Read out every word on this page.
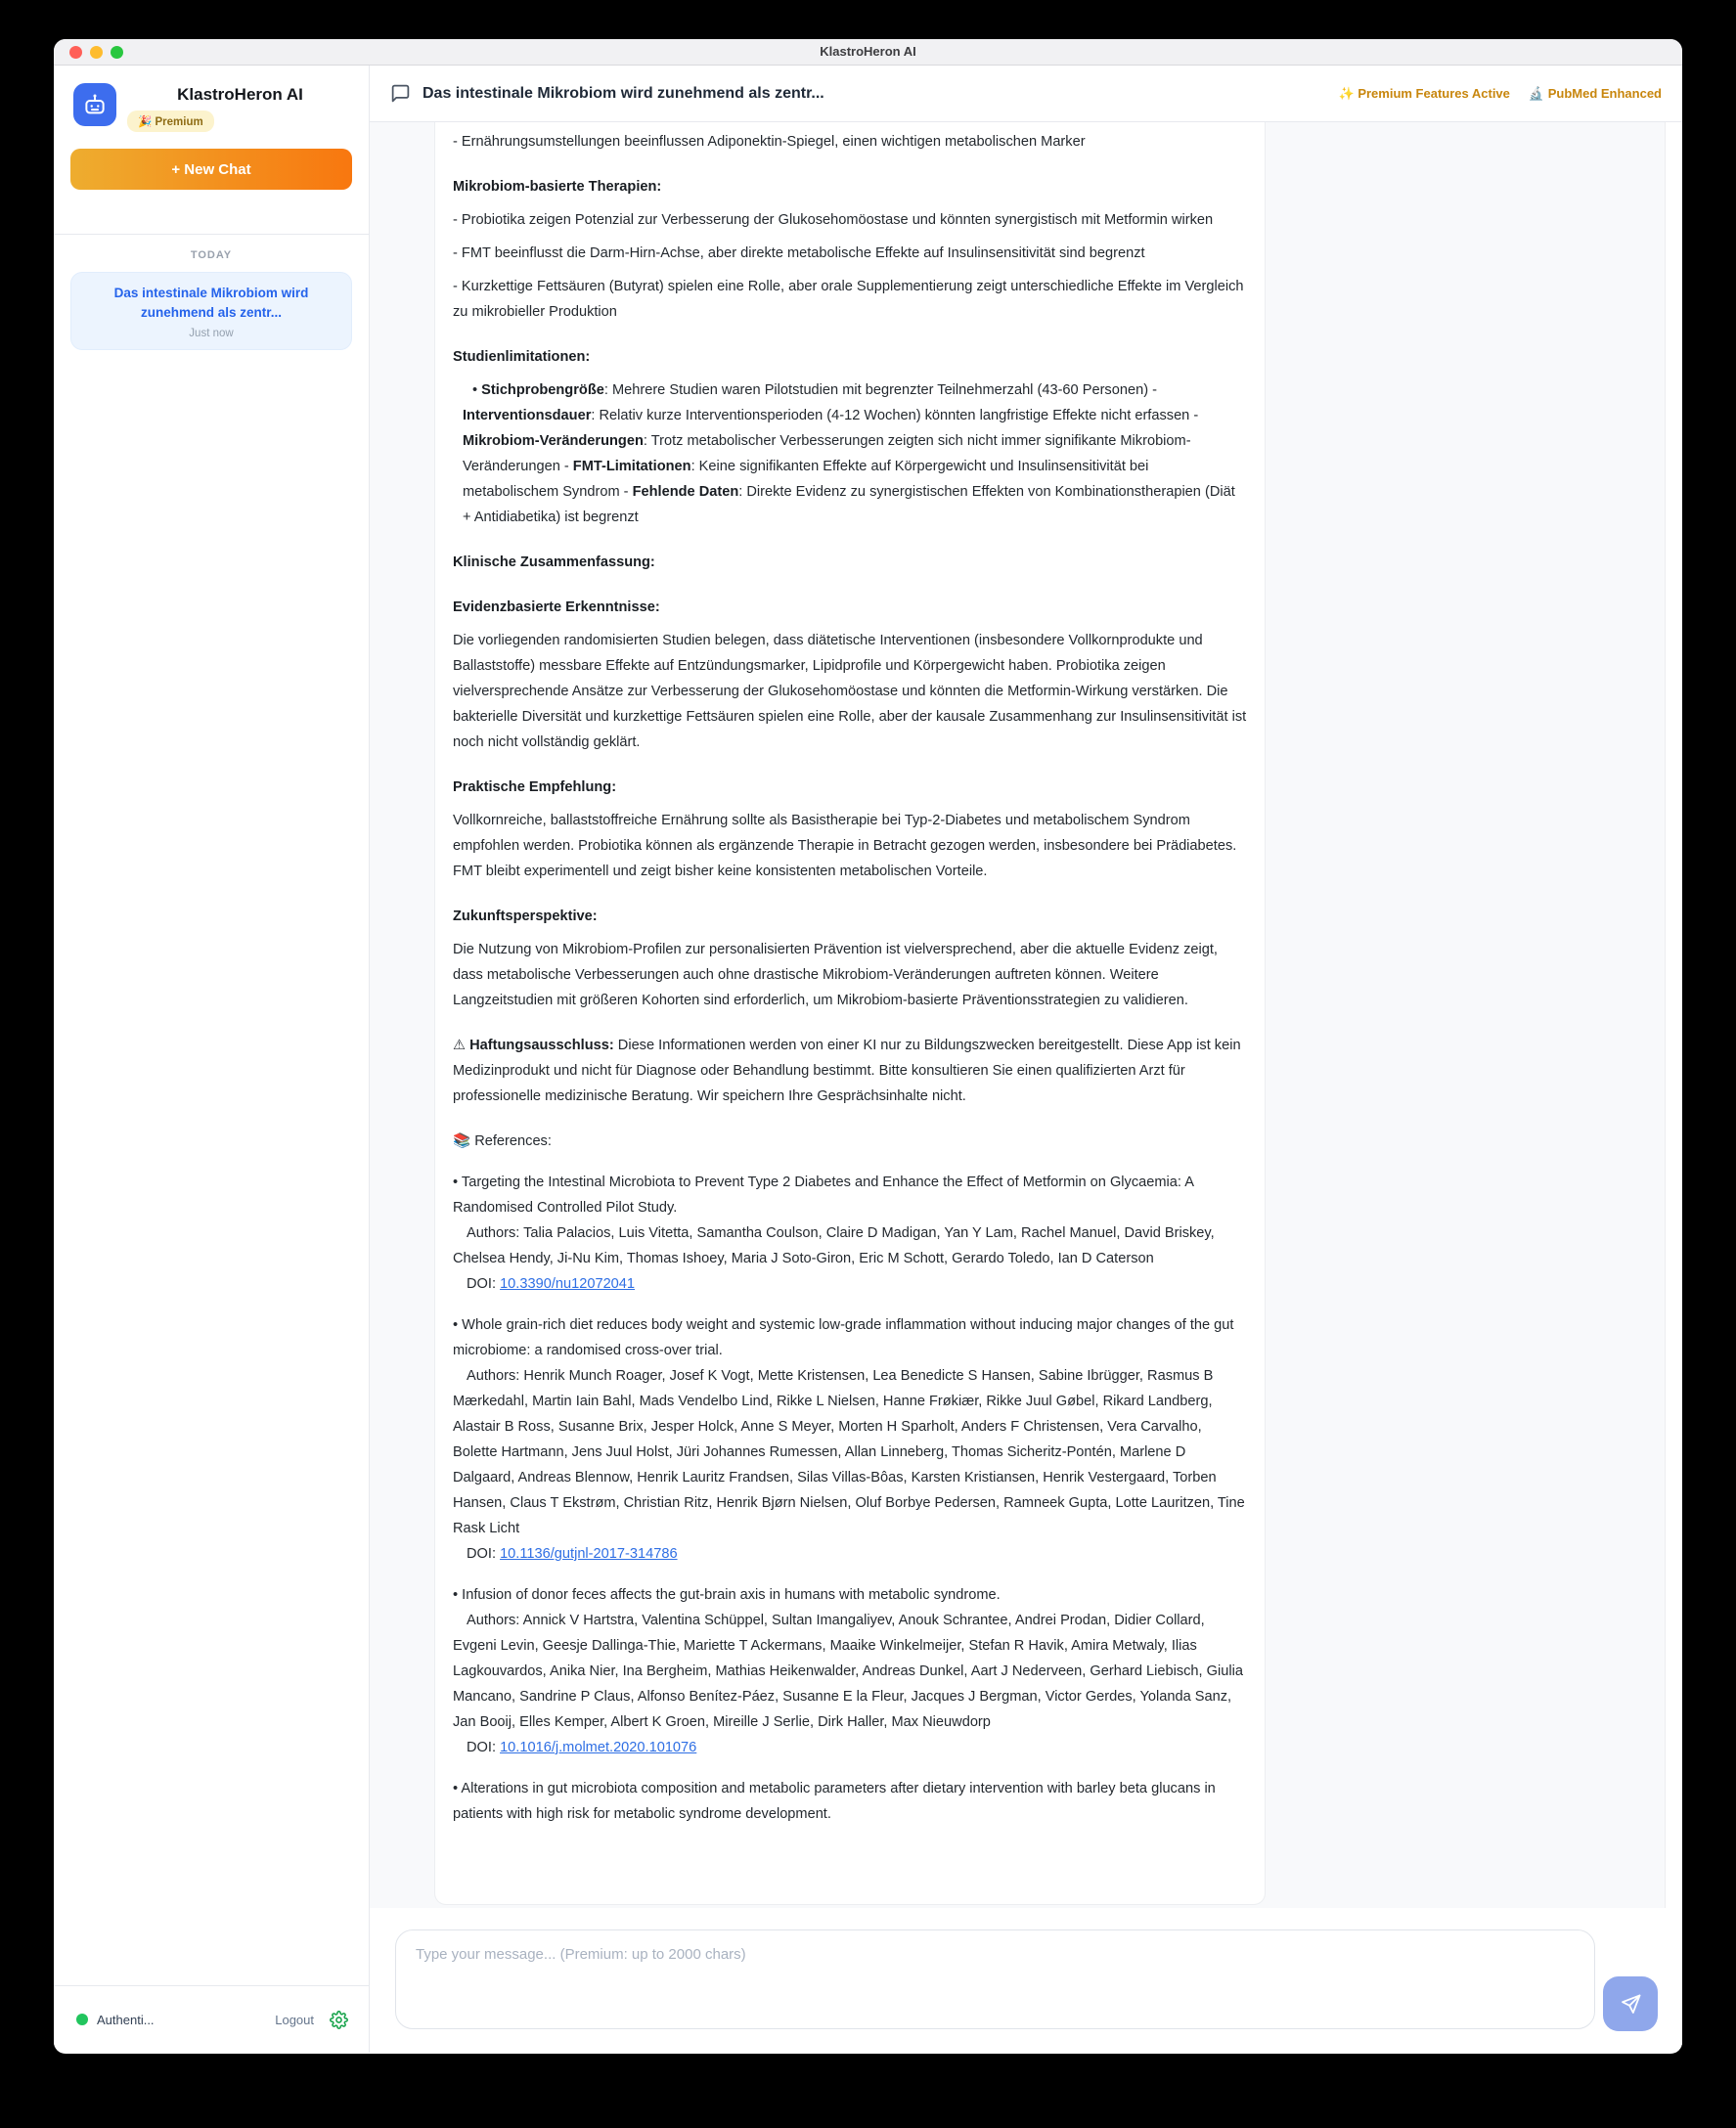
KlastroHeron AI
KlastroHeron AI
🎉 Premium
+ New Chat
TODAY
Das intestinale Mikrobiom wird zunehmend als zentr...
Just now
Authenti...	Logout
Das intestinale Mikrobiom wird zunehmend als zentr...	✨ Premium Features Active 🔬 PubMed Enhanced

- Ernährungsumstellungen beeinflussen Adiponektin-Spiegel, einen wichtigen metabolischen Marker

Mikrobiom-basierte Therapien:

- Probiotika zeigen Potenzial zur Verbesserung der Glukosehomöostase und könnten synergistisch mit Metformin wirken

- FMT beeinflusst die Darm-Hirn-Achse, aber direkte metabolische Effekte auf Insulinsensitivität sind begrenzt

- Kurzkettige Fettsäuren (Butyrat) spielen eine Rolle, aber orale Supplementierung zeigt unterschiedliche Effekte im Vergleich zu mikrobieller Produktion

Studienlimitationen:

• Stichprobengröße: Mehrere Studien waren Pilotstudien mit begrenzter Teilnehmerzahl (43-60 Personen) - Interventionsdauer: Relativ kurze Interventionsperioden (4-12 Wochen) könnten langfristige Effekte nicht erfassen - Mikrobiom-Veränderungen: Trotz metabolischer Verbesserungen zeigten sich nicht immer signifikante Mikrobiom-Veränderungen - FMT-Limitationen: Keine signifikanten Effekte auf Körpergewicht und Insulinsensitivität bei metabolischem Syndrom - Fehlende Daten: Direkte Evidenz zu synergistischen Effekten von Kombinationstherapien (Diät + Antidiabetika) ist begrenzt

Klinische Zusammenfassung:

Evidenzbasierte Erkenntnisse:

Die vorliegenden randomisierten Studien belegen, dass diätetische Interventionen (insbesondere Vollkornprodukte und Ballaststoffe) messbare Effekte auf Entzündungsmarker, Lipidprofile und Körpergewicht haben. Probiotika zeigen vielversprechende Ansätze zur Verbesserung der Glukosehomöostase und könnten die Metformin-Wirkung verstärken. Die bakterielle Diversität und kurzkettige Fettsäuren spielen eine Rolle, aber der kausale Zusammenhang zur Insulinsensitivität ist noch nicht vollständig geklärt.

Praktische Empfehlung:

Vollkornreiche, ballaststoffreiche Ernährung sollte als Basistherapie bei Typ-2-Diabetes und metabolischem Syndrom empfohlen werden. Probiotika können als ergänzende Therapie in Betracht gezogen werden, insbesondere bei Prädiabetes. FMT bleibt experimentell und zeigt bisher keine konsistenten metabolischen Vorteile.

Zukunftsperspektive:

Die Nutzung von Mikrobiom-Profilen zur personalisierten Prävention ist vielversprechend, aber die aktuelle Evidenz zeigt, dass metabolische Verbesserungen auch ohne drastische Mikrobiom-Veränderungen auftreten können. Weitere Langzeitstudien mit größeren Kohorten sind erforderlich, um Mikrobiom-basierte Präventionsstrategien zu validieren.

⚠ Haftungsausschluss: Diese Informationen werden von einer KI nur zu Bildungszwecken bereitgestellt. Diese App ist kein Medizinprodukt und nicht für Diagnose oder Behandlung bestimmt. Bitte konsultieren Sie einen qualifizierten Arzt für professionelle medizinische Beratung. Wir speichern Ihre Gesprächsinhalte nicht.

📚 References:

• Targeting the Intestinal Microbiota to Prevent Type 2 Diabetes and Enhance the Effect of Metformin on Glycaemia: A Randomised Controlled Pilot Study.

Authors: Talia Palacios, Luis Vitetta, Samantha Coulson, Claire D Madigan, Yan Y Lam, Rachel Manuel, David Briskey, Chelsea Hendy, Ji-Nu Kim, Thomas Ishoey, Maria J Soto-Giron, Eric M Schott, Gerardo Toledo, Ian D Caterson

DOI: 10.3390/nu12072041

• Whole grain-rich diet reduces body weight and systemic low-grade inflammation without inducing major changes of the gut microbiome: a randomised cross-over trial.

Authors: Henrik Munch Roager, Josef K Vogt, Mette Kristensen, Lea Benedicte S Hansen, Sabine Ibrügger, Rasmus B Mærkedahl, Martin Iain Bahl, Mads Vendelbo Lind, Rikke L Nielsen, Hanne Frøkiær, Rikke Juul Gøbel, Rikard Landberg, Alastair B Ross, Susanne Brix, Jesper Holck, Anne S Meyer, Morten H Sparholt, Anders F Christensen, Vera Carvalho, Bolette Hartmann, Jens Juul Holst, Jüri Johannes Rumessen, Allan Linneberg, Thomas Sicheritz-Pontén, Marlene D Dalgaard, Andreas Blennow, Henrik Lauritz Frandsen, Silas Villas-Bôas, Karsten Kristiansen, Henrik Vestergaard, Torben Hansen, Claus T Ekstrøm, Christian Ritz, Henrik Bjørn Nielsen, Oluf Borbye Pedersen, Ramneek Gupta, Lotte Lauritzen, Tine Rask Licht

DOI: 10.1136/gutjnl-2017-314786

• Infusion of donor feces affects the gut-brain axis in humans with metabolic syndrome.

Authors: Annick V Hartstra, Valentina Schüppel, Sultan Imangaliyev, Anouk Schrantee, Andrei Prodan, Didier Collard, Evgeni Levin, Geesje Dallinga-Thie, Mariette T Ackermans, Maaike Winkelmeijer, Stefan R Havik, Amira Metwaly, Ilias Lagkouvardos, Anika Nier, Ina Bergheim, Mathias Heikenwalder, Andreas Dunkel, Aart J Nederveen, Gerhard Liebisch, Giulia Mancano, Sandrine P Claus, Alfonso Benítez-Páez, Susanne E la Fleur, Jacques J Bergman, Victor Gerdes, Yolanda Sanz, Jan Booij, Elles Kemper, Albert K Groen, Mireille J Serlie, Dirk Haller, Max Nieuwdorp

DOI: 10.1016/j.molmet.2020.101076

• Alterations in gut microbiota composition and metabolic parameters after dietary intervention with barley beta glucans in patients with high risk for metabolic syndrome development.

Type your message... (Premium: up to 2000 chars)
